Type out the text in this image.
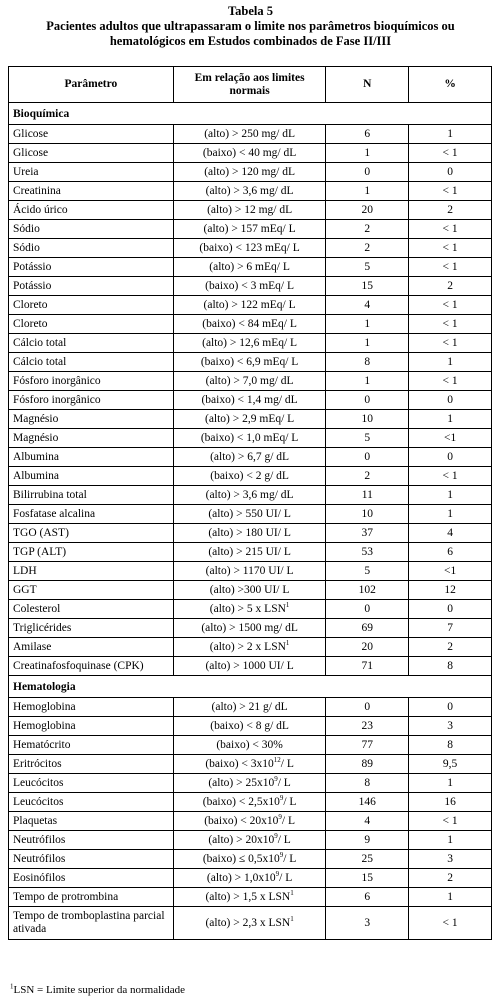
Tabela 5
Pacientes adultos que ultrapassaram o limite nos parâmetros bioquímicos ou
hematológicos em Estudos combinados de Fase II/III
Parâmetro	Em relação aos limites normais	N	%
Bioquímica			
Glicose	(alto) > 250 mg/ dL	6	1
Glicose	(baixo) < 40 mg/ dL	1	< 1
Ureia	(alto) > 120 mg/ dL	0	0
Creatinina	(alto) > 3,6 mg/ dL	1	< 1
Ácido úrico	(alto) > 12 mg/ dL	20	2
Sódio	(alto) > 157 mEq/ L	2	< 1
Sódio	(baixo) < 123 mEq/ L	2	< 1
Potássio	(alto) > 6 mEq/ L	5	< 1
Potássio	(baixo) < 3 mEq/ L	15	2
Cloreto	(alto) > 122 mEq/ L	4	< 1
Cloreto	(baixo) < 84 mEq/ L	1	< 1
Cálcio total	(alto) > 12,6 mEq/ L	1	< 1
Cálcio total	(baixo) < 6,9 mEq/ L	8	1
Fósforo inorgânico	(alto) > 7,0 mg/ dL	1	< 1
Fósforo inorgânico	(baixo) < 1,4 mg/ dL	0	0
Magnésio	(alto) > 2,9 mEq/ L	10	1
Magnésio	(baixo) < 1,0 mEq/ L	5	<1
Albumina	(alto) > 6,7 g/ dL	0	0
Albumina	(baixo) < 2 g/ dL	2	< 1
Bilirrubina total	(alto) > 3,6 mg/ dL	11	1
Fosfatase alcalina	(alto) > 550 UI/ L	10	1
TGO (AST)	(alto) > 180 UI/ L	37	4
TGP (ALT)	(alto) > 215 UI/ L	53	6
LDH	(alto) > 1170 UI/ L	5	<1
GGT	(alto) >300 UI/ L	102	12
Colesterol	(alto) > 5 x LSN$^1$	0	0
Triglicérides	(alto) > 1500 mg/ dL	69	7
Amilase	(alto) > 2 x LSN$^1$	20	2
Creatinafosfoquinase (CPK)	(alto) > 1000 UI/ L	71	8
Hematologia			
Hemoglobina	(alto) > 21 g/ dL	0	0
Hemoglobina	(baixo) < 8 g/ dL	23	3
Hematócrito	(baixo) < 30%	77	8
Eritrócitos	(baixo) < $3x10^{12}/$ L	89	9,5
Leucócitos	(alto) > $25x10^9/$ L	8	1
Leucócitos	(baixo) < $2,5x10^9/$ L	146	16
Plaquetas	(baixo) < $20x10^9/$ L	4	< 1
Neutrófilos	(alto) > $20x10^9/$ L	9	1
Neutrófilos	(baixo) ≤ $0,5x10^9/$ L	25	3
Eosinófilos	(alto) > $1,0x10^9/$ L	15	2
Tempo de protrombina	(alto) > 1,5 x LSN$^1$	6	1
Tempo de tromboplastina parcial ativada	(alto) > 2,3 x LSN$^1$	3	< 1
$^1$LSN = Limite superior da normalidade
